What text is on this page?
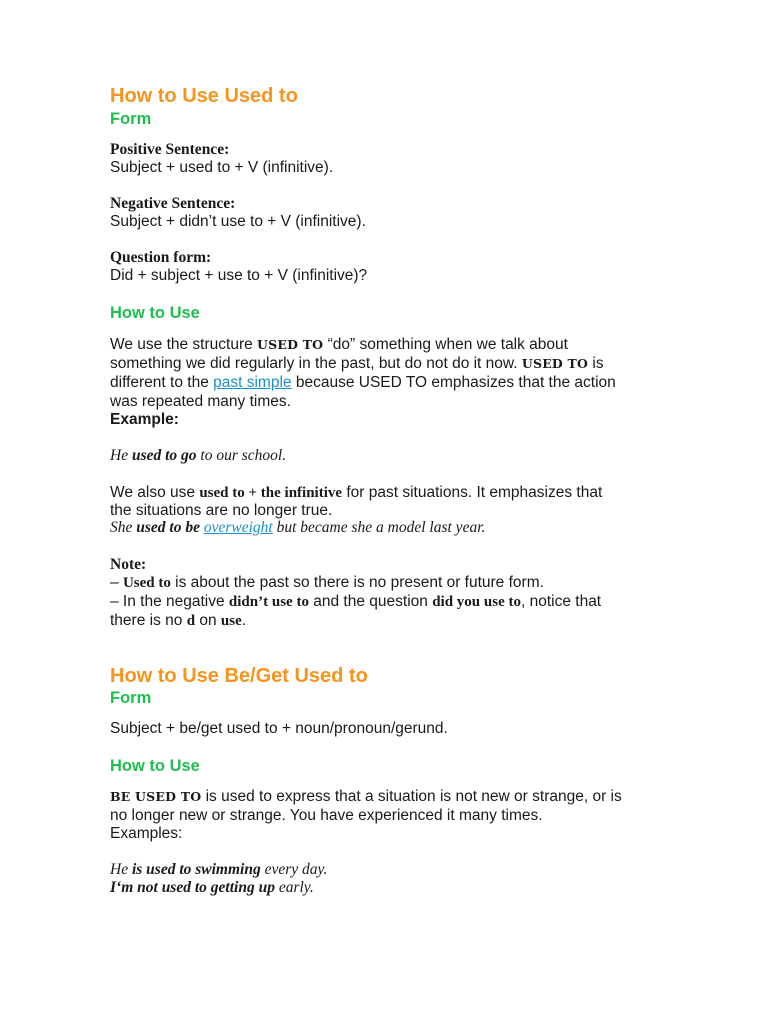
How to Use Used to
Form
Positive Sentence:
Subject + used to + V (infinitive).
Negative Sentence:
Subject + didn’t use to + V (infinitive).
Question form:
Did + subject + use to + V (infinitive)?
How to Use
We use the structure USED TO “do” something when we talk about
something we did regularly in the past, but do not do it now. USED TO is
different to the past simple because USED TO emphasizes that the action
was repeated many times.
Example:
He used to go to our school.
We also use used to + the infinitive for past situations. It emphasizes that
the situations are no longer true.
She used to be overweight but became she a model last year.
Note:
– Used to is about the past so there is no present or future form.
– In the negative didn’t use to and the question did you use to, notice that
there is no d on use.
How to Use Be/Get Used to
Form
Subject + be/get used to + noun/pronoun/gerund.
How to Use
BE USED TO is used to express that a situation is not new or strange, or is
no longer new or strange. You have experienced it many times.
Examples:
He is used to swimming every day.
I‘m not used to getting up early.
